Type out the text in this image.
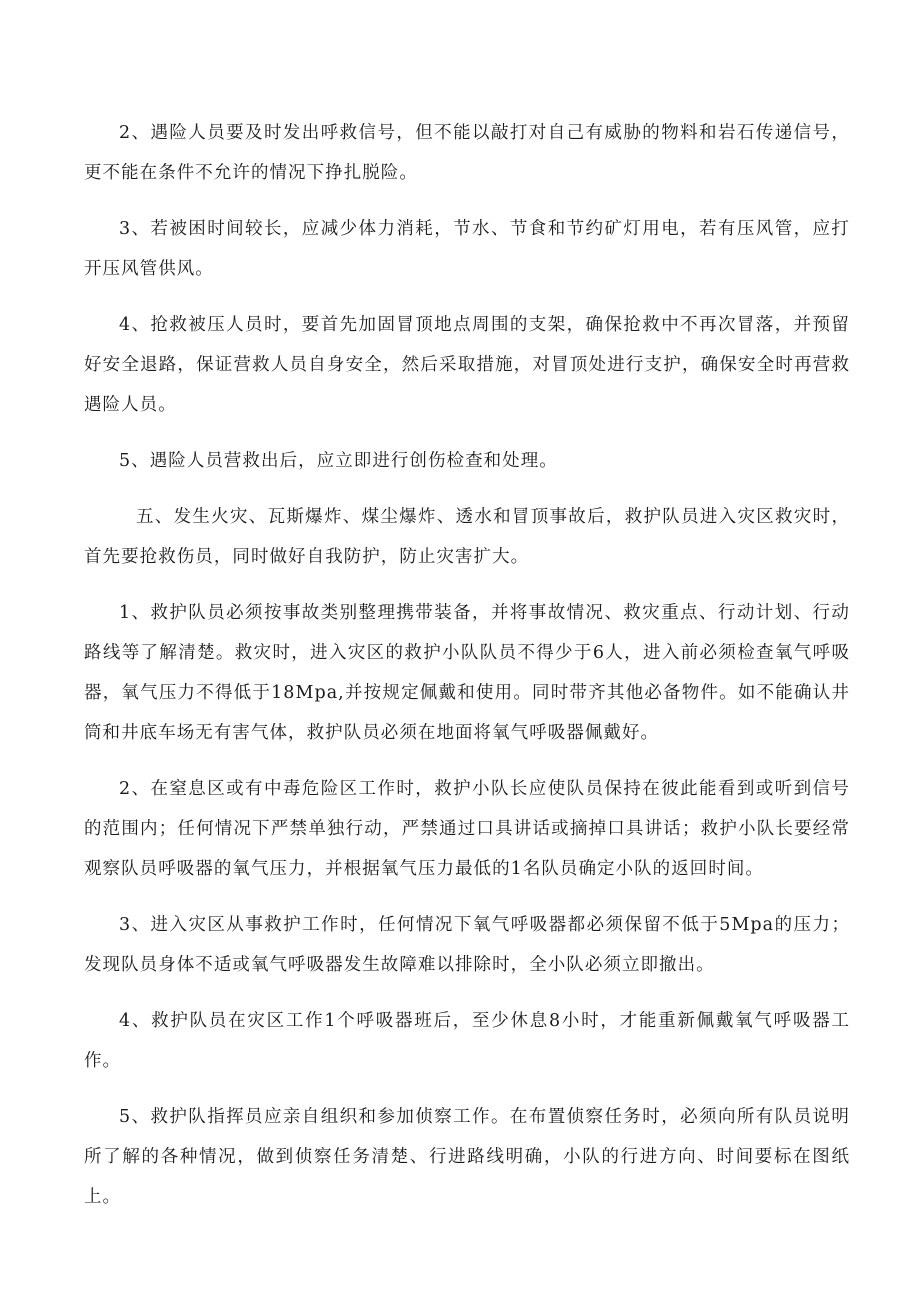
2、遇险人员要及时发出呼救信号，但不能以敲打对自己有威胁的物料和岩石传递信号，更不能在条件不允许的情况下挣扎脱险。

3、若被困时间较长，应减少体力消耗，节水、节食和节约矿灯用电，若有压风管，应打开压风管供风。

4、抢救被压人员时，要首先加固冒顶地点周围的支架，确保抢救中不再次冒落，并预留好安全退路，保证营救人员自身安全，然后采取措施，对冒顶处进行支护，确保安全时再营救遇险人员。

5、遇险人员营救出后，应立即进行创伤检查和处理。

五、发生火灾、瓦斯爆炸、煤尘爆炸、透水和冒顶事故后，救护队员进入灾区救灾时，首先要抢救伤员，同时做好自我防护，防止灾害扩大。

1、救护队员必须按事故类别整理携带装备，并将事故情况、救灾重点、行动计划、行动路线等了解清楚。救灾时，进入灾区的救护小队队员不得少于6人，进入前必须检查氧气呼吸器，氧气压力不得低于18Mpa,并按规定佩戴和使用。同时带齐其他必备物件。如不能确认井筒和井底车场无有害气体，救护队员必须在地面将氧气呼吸器佩戴好。

2、在窒息区或有中毒危险区工作时，救护小队长应使队员保持在彼此能看到或听到信号的范围内；任何情况下严禁单独行动，严禁通过口具讲话或摘掉口具讲话；救护小队长要经常观察队员呼吸器的氧气压力，并根据氧气压力最低的1名队员确定小队的返回时间。

3、进入灾区从事救护工作时，任何情况下氧气呼吸器都必须保留不低于5Mpa的压力；发现队员身体不适或氧气呼吸器发生故障难以排除时，全小队必须立即撤出。

4、救护队员在灾区工作1个呼吸器班后，至少休息8小时，才能重新佩戴氧气呼吸器工作。

5、救护队指挥员应亲自组织和参加侦察工作。在布置侦察任务时，必须向所有队员说明所了解的各种情况，做到侦察任务清楚、行进路线明确，小队的行进方向、时间要标在图纸上。
